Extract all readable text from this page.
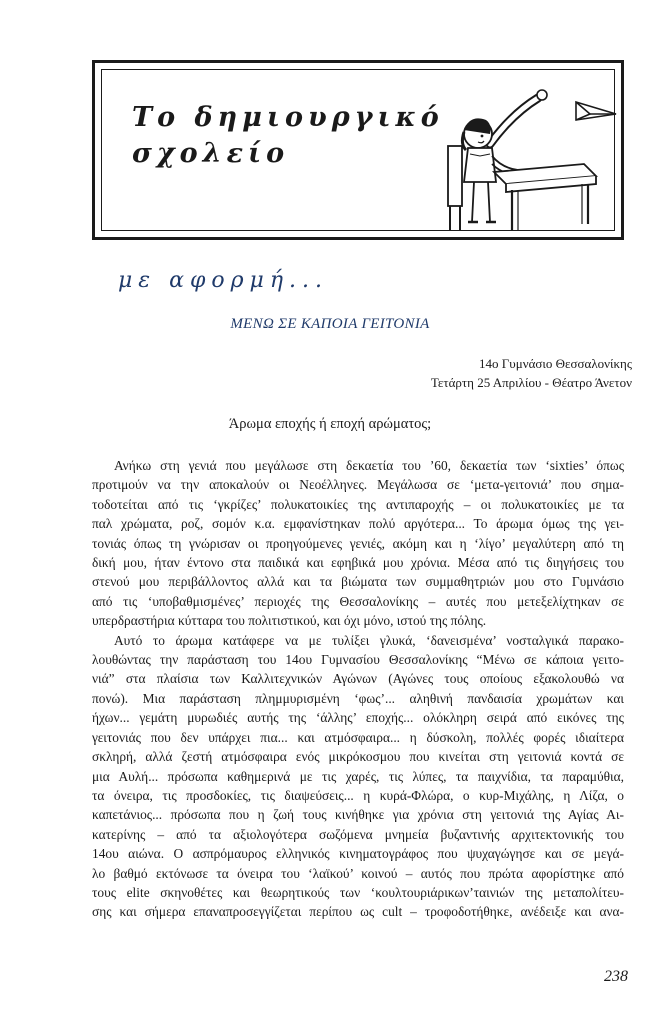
Το δημιουργικό
σχολείο
με αφορμή...
ΜΕΝΩ ΣΕ ΚΑΠΟΙΑ ΓΕΙΤΟΝΙΑ
14ο Γυμνάσιο Θεσσαλονίκης
Τετάρτη 25 Απριλίου - Θέατρο Άνετον
Άρωμα εποχής ή εποχή αρώματος;
Ανήκω στη γενιά που μεγάλωσε στη δεκαετία του ’60, δεκαετία των ‘sixties’ όπως
προτιμούν να την αποκαλούν οι Νεοέλληνες. Μεγάλωσα σε ‘μετα-γειτονιά’ που σημα-
τοδοτείται από τις ‘γκρίζες’ πολυκατοικίες της αντιπαροχής – οι πολυκατοικίες με τα
παλ χρώματα, ροζ, σομόν κ.α. εμφανίστηκαν πολύ αργότερα... Το άρωμα όμως της γει-
τονιάς όπως τη γνώρισαν οι προηγούμενες γενιές, ακόμη και η ‘λίγο’ μεγαλύτερη από τη
δική μου, ήταν έντονο στα παιδικά και εφηβικά μου χρόνια. Μέσα από τις διηγήσεις του
στενού μου περιβάλλοντος αλλά και τα βιώματα των συμμαθητριών μου στο Γυμνάσιο
από τις ‘υποβαθμισμένες’ περιοχές της Θεσσαλονίκης – αυτές που μετεξελίχτηκαν σε
υπερδραστήρια κύτταρα του πολιτιστικού, και όχι μόνο, ιστού της πόλης.
Αυτό το άρωμα κατάφερε να με τυλίξει γλυκά, ‘δανεισμένα’ νοσταλγικά παρακο-
λουθώντας την παράσταση του 14ου Γυμνασίου Θεσσαλονίκης “Μένω σε κάποια γειτο-
νιά” στα πλαίσια των Καλλιτεχνικών Αγώνων (Αγώνες τους οποίους εξακολουθώ να
πονώ). Μια παράσταση πλημμυρισμένη ‘φως’... αληθινή πανδαισία χρωμάτων και
ήχων... γεμάτη μυρωδιές αυτής της ‘άλλης’ εποχής... ολόκληρη σειρά από εικόνες της
γειτονιάς που δεν υπάρχει πια... και ατμόσφαιρα... η δύσκολη, πολλές φορές ιδιαίτερα
σκληρή, αλλά ζεστή ατμόσφαιρα ενός μικρόκοσμου που κινείται στη γειτονιά κοντά σε
μια Αυλή... πρόσωπα καθημερινά με τις χαρές, τις λύπες, τα παιχνίδια, τα παραμύθια,
τα όνειρα, τις προσδοκίες, τις διαψεύσεις... η κυρά-Φλώρα, ο κυρ-Μιχάλης, η Λίζα, ο
καπετάνιος... πρόσωπα που η ζωή τους κινήθηκε για χρόνια στη γειτονιά της Αγίας Αι-
κατερίνης – από τα αξιολογότερα σωζόμενα μνημεία βυζαντινής αρχιτεκτονικής του
14ου αιώνα. Ο ασπρόμαυρος ελληνικός κινηματογράφος που ψυχαγώγησε και σε μεγά-
λο βαθμό εκτόνωσε τα όνειρα του ‘λαϊκού’ κοινού – αυτός που πρώτα αφορίστηκε από
τους elite σκηνοθέτες και θεωρητικούς των ‘κουλτουριάρικων’ταινιών της μεταπολίτευ-
σης και σήμερα επαναπροσεγγίζεται περίπου ως cult – τροφοδοτήθηκε, ανέδειξε και ανα-
238
